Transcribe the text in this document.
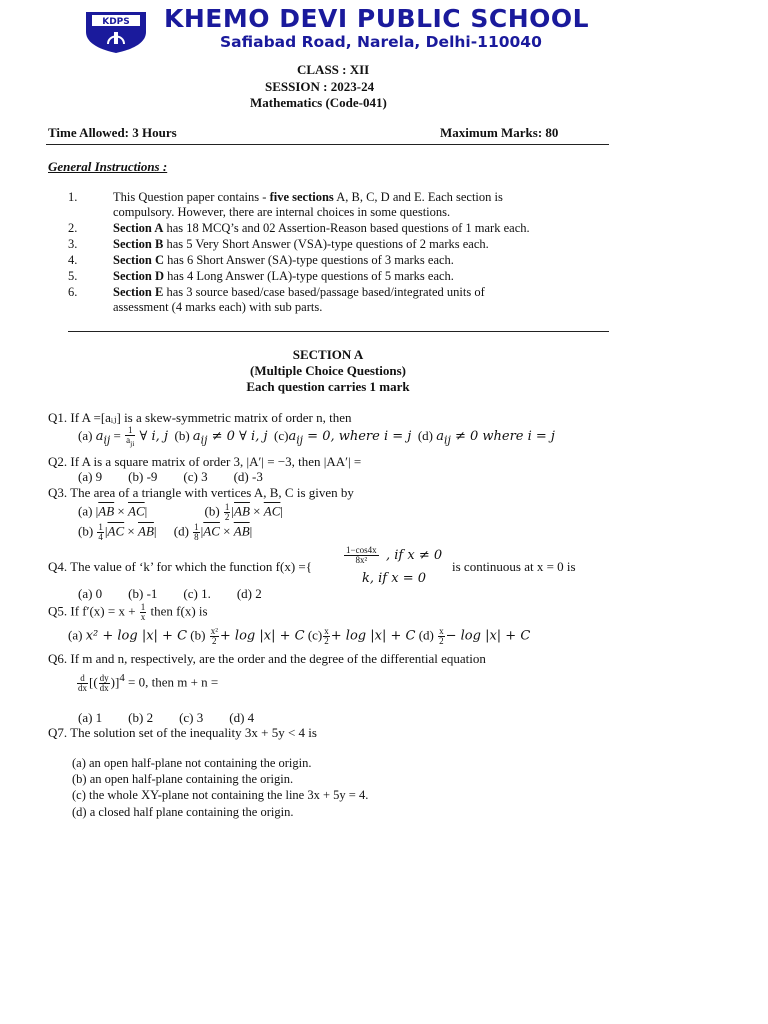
KDPS KHEMO DEVI PUBLIC SCHOOL
Safiabad Road, Narela, Delhi-110040
CLASS : XII
SESSION : 2023-24
Mathematics (Code-041)
Time Allowed: 3 Hours	Maximum Marks: 80
General Instructions :
1.	This Question paper contains - five sections A, B, C, D and E. Each section is
compulsory. However, there are internal choices in some questions.
2.	Section A has 18 MCQ’s and 02 Assertion-Reason based questions of 1 mark each.
3.	Section B has 5 Very Short Answer (VSA)-type questions of 2 marks each.
4.	Section C has 6 Short Answer (SA)-type questions of 3 marks each.
5.	Section D has 4 Long Answer (LA)-type questions of 5 marks each.
6.	Section E has 3 source based/case based/passage based/integrated units of
assessment (4 marks each) with sub parts.
SECTION A
(Multiple Choice Questions)
Each question carries 1 mark
Q1. If A =[aᵢⱼ] is a skew-symmetric matrix of order n, then
(a) $a_{ij} = \frac{1}{a_{ji}}$ ∀ i, j  (b) $a_{ij} \ne 0$ ∀ i, j  $(c)a_{ij} = 0$, where i = j  (d) $a_{ij} \ne 0$ where i = j
Q2. If A is a square matrix of order 3, |A′| = −3, then |AA′| =
(a) 9        (b) -9        (c) 3        (d) -3
Q3. The area of a triangle with vertices A, B, C is given by
(a) $|\overline{AB} \times \overline{AC}|$	$(b) \frac{1}{2} |\overline{AB} \times \overline{AC}|$
$(b) \frac{1}{4} |\overline{AC} \times \overline{AB}|$ $(d) \frac{1}{8} |\overline{AC} \times \overline{AB}|$
Q4. The value of ‘k’ for which the function f(x) ={
1−cos4x
8x²	, if x ≠ 0
k, if x = 0
is continuous at x = 0 is
(a) 0        (b) -1        (c) 1.        (d) 2
Q5. If $f'(x) = x + \frac{1}{x}$ then f(x) is
(a) x² + log |x| + C $(b) \frac{\text{x²}}{2} + \log |x| + C$ $(c) \frac{x}{2} + \log |x| + C$ $(d) \frac{x}{2} - \log |x| + C$
Q6. If m and n, respectively, are the order and the degree of the differential equation
$\frac{d}{dx}$ [( $\frac{dy}{dx} )]^4 = 0$, then m + n =
(a) 1        (b) 2        (c) 3        (d) 4
Q7. The solution set of the inequality 3x + 5y < 4 is
(a) an open half-plane not containing the origin.
(b) an open half-plane containing the origin.
(c) the whole XY-plane not containing the line 3x + 5y = 4.
(d) a closed half plane containing the origin.
